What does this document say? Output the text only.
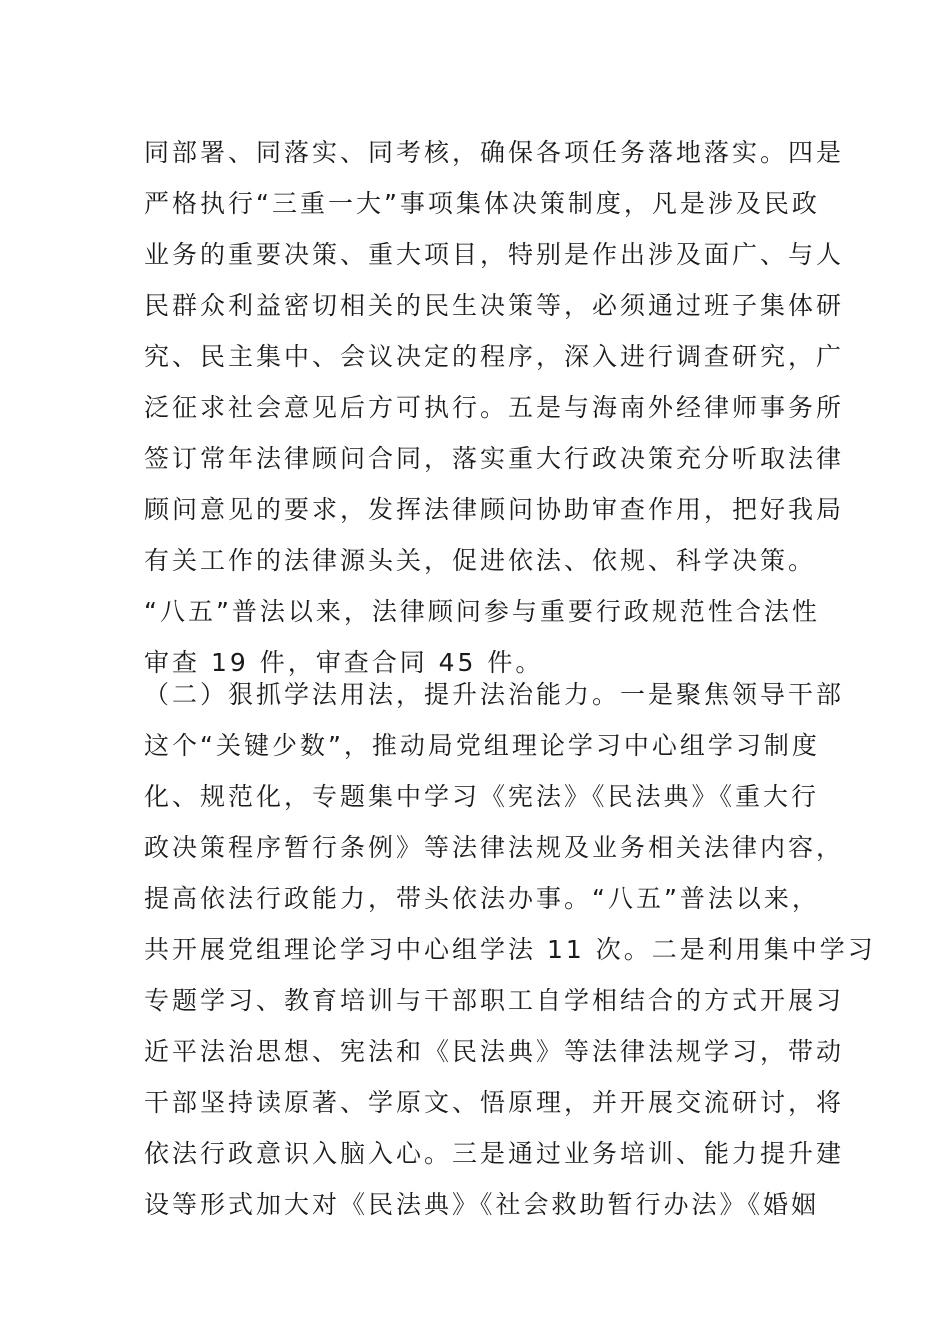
同部署、同落实、同考核，确保各项任务落地落实。四是
严格执行“三重一大”事项集体决策制度，凡是涉及民政
业务的重要决策、重大项目，特别是作出涉及面广、与人
民群众利益密切相关的民生决策等，必须通过班子集体研
究、民主集中、会议决定的程序，深入进行调查研究，广
泛征求社会意见后方可执行。五是与海南外经律师事务所
签订常年法律顾问合同，落实重大行政决策充分听取法律
顾问意见的要求，发挥法律顾问协助审查作用，把好我局
有关工作的法律源头关，促进依法、依规、科学决策。
“八五”普法以来，法律顾问参与重要行政规范性合法性
审查 19 件，审查合同 45 件。
（二）狠抓学法用法，提升法治能力。一是聚焦领导干部
这个“关键少数”，推动局党组理论学习中心组学习制度
化、规范化，专题集中学习《宪法》《民法典》《重大行
政决策程序暂行条例》等法律法规及业务相关法律内容，
提高依法行政能力，带头依法办事。“八五”普法以来，
共开展党组理论学习中心组学法 11 次。二是利用集中学习
专题学习、教育培训与干部职工自学相结合的方式开展习
近平法治思想、宪法和《民法典》等法律法规学习，带动
干部坚持读原著、学原文、悟原理，并开展交流研讨，将
依法行政意识入脑入心。三是通过业务培训、能力提升建
设等形式加大对《民法典》《社会救助暂行办法》《婚姻
